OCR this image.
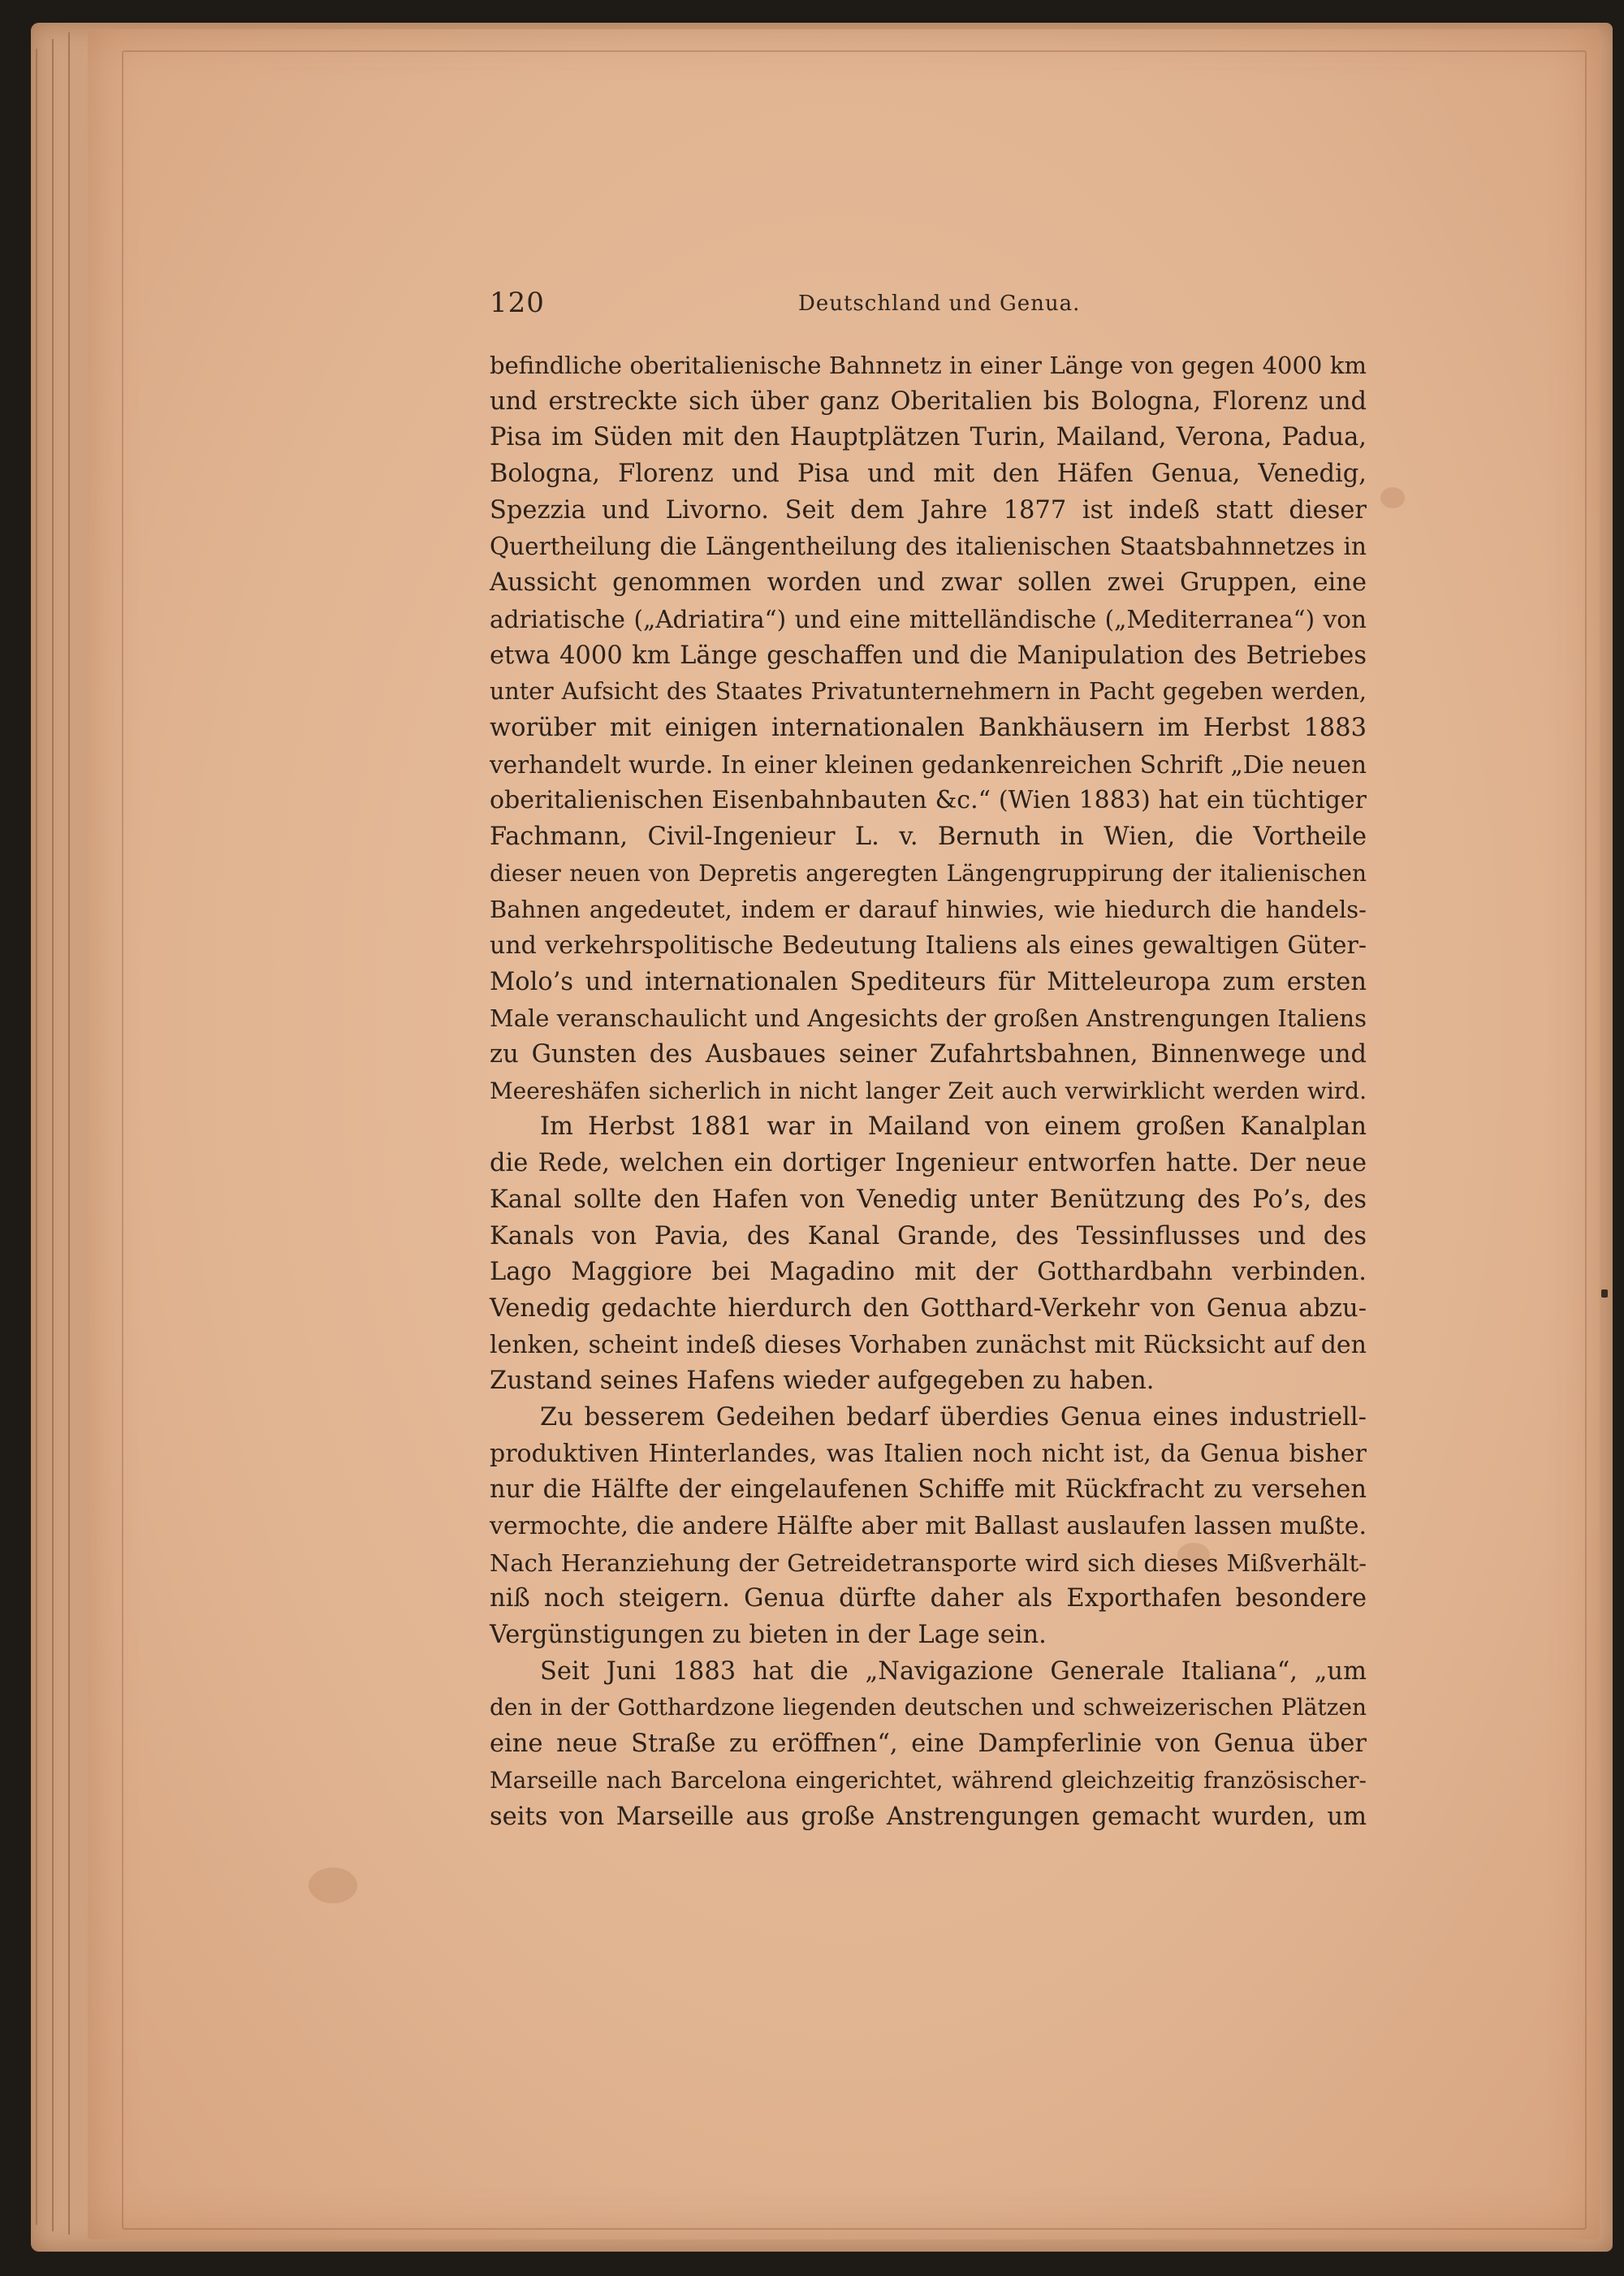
120	Deutschland und Genua.
befindliche oberitalienische Bahnnetz in einer Länge von gegen 4000 km
und erstreckte sich über ganz Oberitalien bis Bologna, Florenz und
Pisa im Süden mit den Hauptplätzen Turin, Mailand, Verona, Padua,
Bologna, Florenz und Pisa und mit den Häfen Genua, Venedig,
Spezzia und Livorno. Seit dem Jahre 1877 ist indeß statt dieser
Quertheilung die Längentheilung des italienischen Staatsbahnnetzes in
Aussicht genommen worden und zwar sollen zwei Gruppen, eine
adriatische („Adriatira“) und eine mittelländische („Mediterranea“) von
etwa 4000 km Länge geschaffen und die Manipulation des Betriebes
unter Aufsicht des Staates Privatunternehmern in Pacht gegeben werden,
worüber mit einigen internationalen Bankhäusern im Herbst 1883
verhandelt wurde. In einer kleinen gedankenreichen Schrift „Die neuen
oberitalienischen Eisenbahnbauten &c.“ (Wien 1883) hat ein tüchtiger
Fachmann, Civil-Ingenieur L. v. Bernuth in Wien, die Vortheile
dieser neuen von Depretis angeregten Längengruppirung der italienischen
Bahnen angedeutet, indem er darauf hinwies, wie hiedurch die handels-
und verkehrspolitische Bedeutung Italiens als eines gewaltigen Güter-
Molo’s und internationalen Spediteurs für Mitteleuropa zum ersten
Male veranschaulicht und Angesichts der großen Anstrengungen Italiens
zu Gunsten des Ausbaues seiner Zufahrtsbahnen, Binnenwege und
Meereshäfen sicherlich in nicht langer Zeit auch verwirklicht werden wird.
Im Herbst 1881 war in Mailand von einem großen Kanalplan
die Rede, welchen ein dortiger Ingenieur entworfen hatte. Der neue
Kanal sollte den Hafen von Venedig unter Benützung des Po’s, des
Kanals von Pavia, des Kanal Grande, des Tessinflusses und des
Lago Maggiore bei Magadino mit der Gotthardbahn verbinden.
Venedig gedachte hierdurch den Gotthard-Verkehr von Genua abzu-
lenken, scheint indeß dieses Vorhaben zunächst mit Rücksicht auf den
Zustand seines Hafens wieder aufgegeben zu haben.
Zu besserem Gedeihen bedarf überdies Genua eines industriell-
produktiven Hinterlandes, was Italien noch nicht ist, da Genua bisher
nur die Hälfte der eingelaufenen Schiffe mit Rückfracht zu versehen
vermochte, die andere Hälfte aber mit Ballast auslaufen lassen mußte.
Nach Heranziehung der Getreidetransporte wird sich dieses Mißverhält-
niß noch steigern. Genua dürfte daher als Exporthafen besondere
Vergünstigungen zu bieten in der Lage sein.
Seit Juni 1883 hat die „Navigazione Generale Italiana“, „um
den in der Gotthardzone liegenden deutschen und schweizerischen Plätzen
eine neue Straße zu eröffnen“, eine Dampferlinie von Genua über
Marseille nach Barcelona eingerichtet, während gleichzeitig französischer-
seits von Marseille aus große Anstrengungen gemacht wurden, um
